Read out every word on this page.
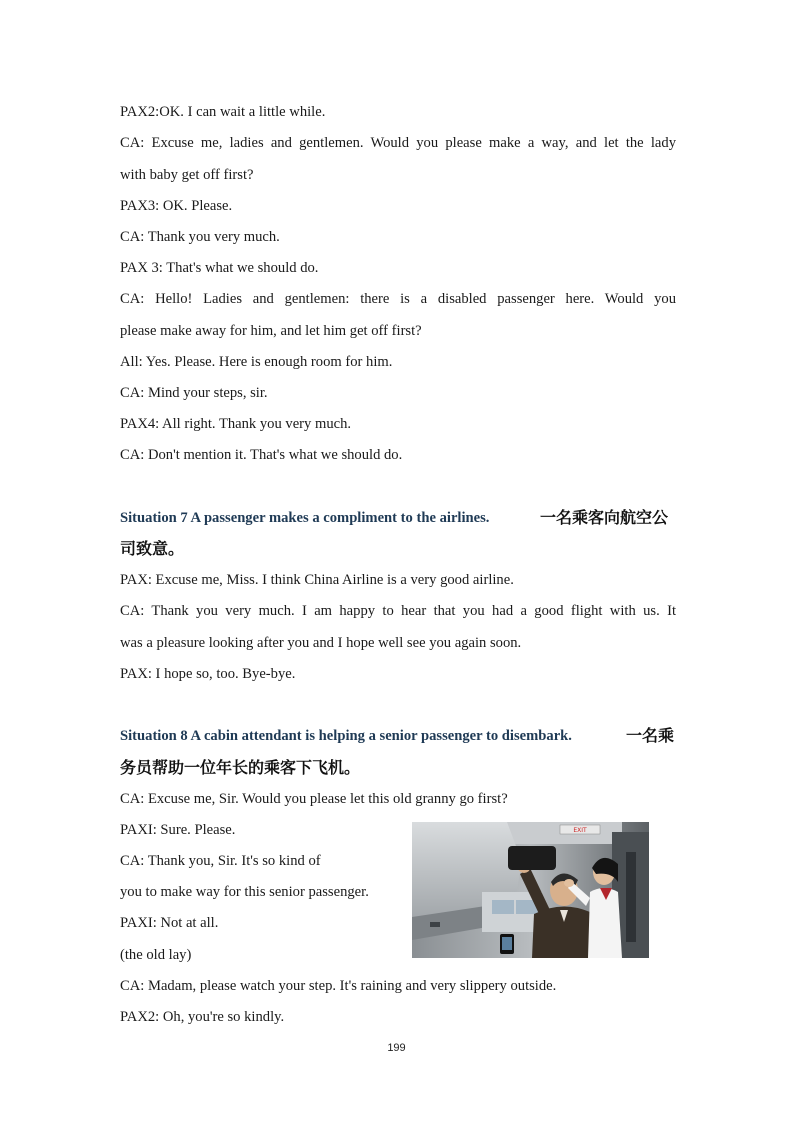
PAX2:OK. I can wait a little while.
CA: Excuse me, ladies and gentlemen. Would you please make a way, and let the lady
with baby get off first?
PAX3: OK. Please.
CA: Thank you very much.
PAX 3: That's what we should do.
CA: Hello! Ladies and gentlemen: there is a disabled passenger here. Would you
please make away for him, and let him get off first?
All: Yes. Please. Here is enough room for him.
CA: Mind your steps, sir.
PAX4: All right. Thank you very much.
CA: Don't mention it. That's what we should do.
Situation 7 A passenger makes a compliment to the airlines.	一名乘客向航空公
司致意。
PAX: Excuse me, Miss. I think China Airline is a very good airline.
CA: Thank you very much. I am happy to hear that you had a good flight with us. It
was a pleasure looking after you and I hope well see you again soon.
PAX: I hope so, too. Bye-bye.
Situation 8 A cabin attendant is helping a senior passenger to disembark.	一名乘
务员帮助一位年长的乘客下飞机。
CA: Excuse me, Sir. Would you please let this old granny go first?
PAXI: Sure. Please.
CA: Thank you, Sir. It's so kind of
you to make way for this senior passenger.
PAXI: Not at all.
(the old lay)
CA: Madam, please watch your step. It's raining and very slippery outside.
PAX2: Oh, you're so kindly.
EXIT
199
